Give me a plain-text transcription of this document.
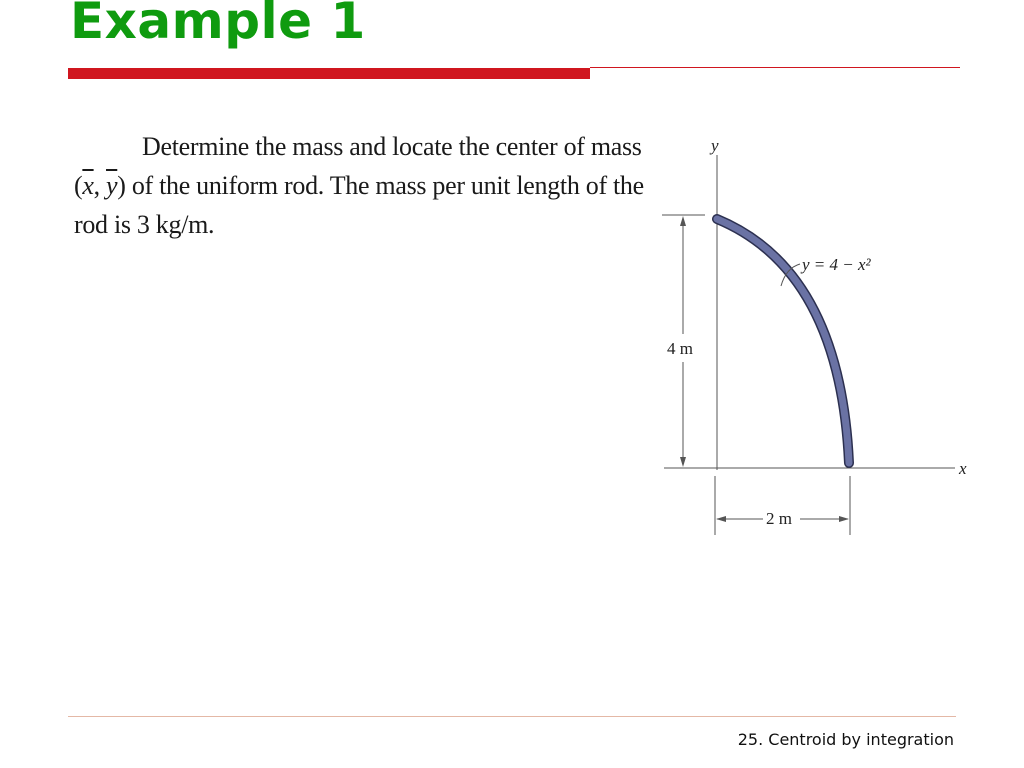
Example 1
Determine the mass and locate the center of mass
($\overline{x}$, $\overline{y}$) of the uniform rod. The mass per unit length of the
rod is 3 kg/m.
y
x
4 m
2 m
y = 4 − x²
25. Centroid by integration
